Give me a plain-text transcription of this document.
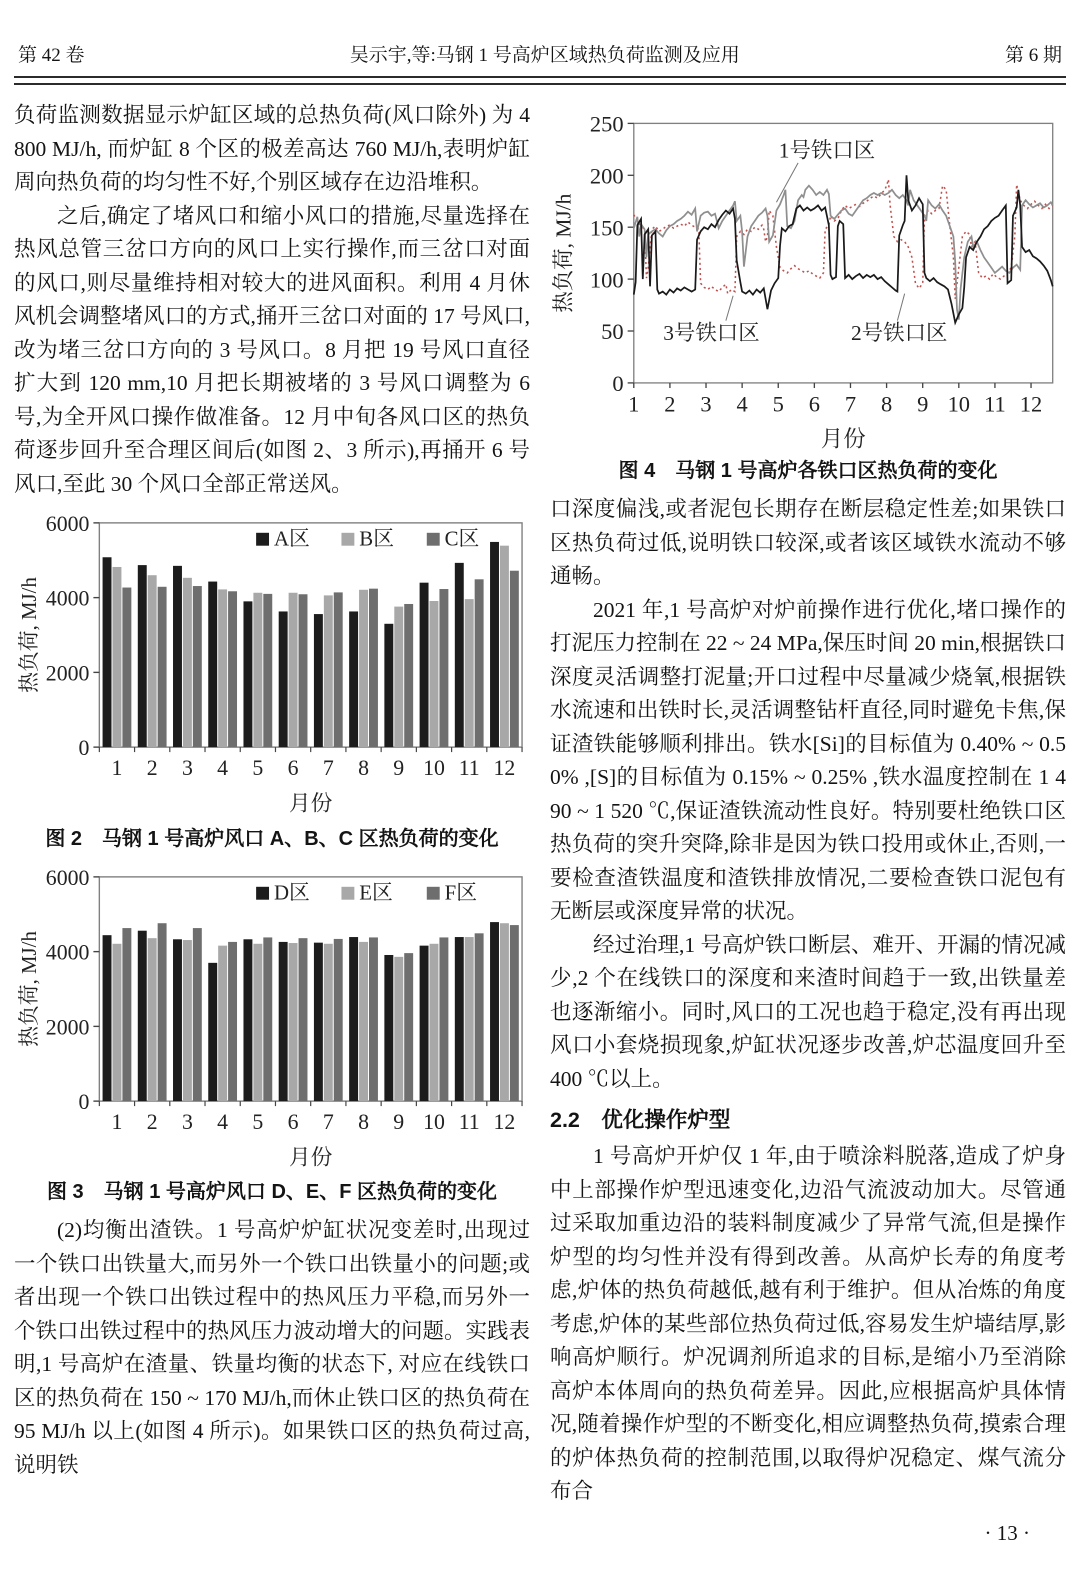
第 42 卷	吴示宇,等:马钢 1 号高炉区域热负荷监测及应用	第 6 期

负荷监测数据显示炉缸区域的总热负荷(风口除外) 为 4 800 MJ/h, 而炉缸 8 个区的极差高达 760 MJ/h,表明炉缸周向热负荷的均匀性不好,个别区域存在边沿堆积。

之后,确定了堵风口和缩小风口的措施,尽量选择在热风总管三岔口方向的风口上实行操作,而三岔口对面的风口,则尽量维持相对较大的进风面积。利用 4 月休风机会调整堵风口的方式,捅开三岔口对面的 17 号风口,改为堵三岔口方向的 3 号风口。8 月把 19 号风口直径扩大到 120 mm,10 月把长期被堵的 3 号风口调整为 6 号,为全开风口操作做准备。12 月中旬各风口区的热负荷逐步回升至合理区间后(如图 2、3 所示),再捅开 6 号风口,至此 30 个风口全部正常送风。

0
2000
4000
6000
热负荷, MJ/h
1 2 3 4 5 6 7 8 9 10 11 12
月份
A区 B区 C区
图 2　马钢 1 号高炉风口 A、B、C 区热负荷的变化
0
2000
4000
6000
热负荷, MJ/h
1 2 3 4 5 6 7 8 9 10 11 12
月份
D区 E区 F区
图 3　马钢 1 号高炉风口 D、E、F 区热负荷的变化

(2)均衡出渣铁。1 号高炉炉缸状况变差时,出现过一个铁口出铁量大,而另外一个铁口出铁量小的问题;或者出现一个铁口出铁过程中的热风压力平稳,而另外一个铁口出铁过程中的热风压力波动增大的问题。实践表明,1 号高炉在渣量、铁量均衡的状态下, 对应在线铁口区的热负荷在 150 ~ 170 MJ/h,而休止铁口区的热负荷在 95 MJ/h 以上(如图 4 所示)。如果铁口区的热负荷过高,说明铁

0
50
100
150
200
250
1 2 3 4 5 6 7 8 9 10 11 12
热负荷, MJ/h
月份
1号铁口区
3号铁口区	2号铁口区
图 4　马钢 1 号高炉各铁口区热负荷的变化

口深度偏浅,或者泥包长期存在断层稳定性差;如果铁口区热负荷过低,说明铁口较深,或者该区域铁水流动不够通畅。

2021 年,1 号高炉对炉前操作进行优化,堵口操作的打泥压力控制在 22 ~ 24 MPa,保压时间 20 min,根据铁口深度灵活调整打泥量;开口过程中尽量减少烧氧,根据铁水流速和出铁时长,灵活调整钻杆直径,同时避免卡焦,保证渣铁能够顺利排出。铁水[Si]的目标值为 0.40% ~ 0.50% ,[S]的目标值为 0.15% ~ 0.25% ,铁水温度控制在 1 490 ~ 1 520 ℃,保证渣铁流动性良好。特别要杜绝铁口区热负荷的突升突降,除非是因为铁口投用或休止,否则,一要检查渣铁温度和渣铁排放情况,二要检查铁口泥包有无断层或深度异常的状况。

经过治理,1 号高炉铁口断层、难开、开漏的情况减少,2 个在线铁口的深度和来渣时间趋于一致,出铁量差也逐渐缩小。同时,风口的工况也趋于稳定,没有再出现风口小套烧损现象,炉缸状况逐步改善,炉芯温度回升至 400 ℃以上。

2.2　优化操作炉型

1 号高炉开炉仅 1 年,由于喷涂料脱落,造成了炉身中上部操作炉型迅速变化,边沿气流波动加大。尽管通过采取加重边沿的装料制度减少了异常气流,但是操作炉型的均匀性并没有得到改善。从高炉长寿的角度考虑,炉体的热负荷越低,越有利于维护。但从冶炼的角度考虑,炉体的某些部位热负荷过低,容易发生炉墙结厚,影响高炉顺行。炉况调剂所追求的目标,是缩小乃至消除高炉本体周向的热负荷差异。因此,应根据高炉具体情况,随着操作炉型的不断变化,相应调整热负荷,摸索合理的炉体热负荷的控制范围,以取得炉况稳定、煤气流分布合

· 13 ·
